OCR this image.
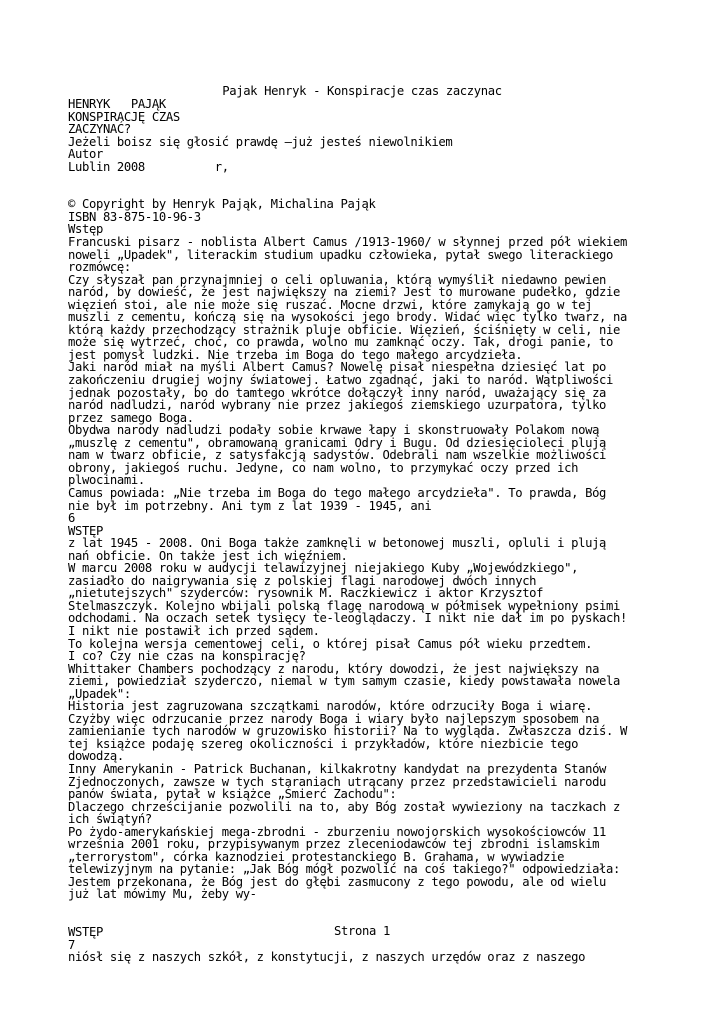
Pajak Henryk - Konspiracje czas zaczynac
HENRYK   PAJĄK
KONSPIRACJĘ CZAS
ZACZYNAĆ?
Jeżeli boisz się głosić prawdę –już jesteś niewolnikiem
Autor
Lublin 2008          r,
© Copyright by Henryk Pająk, Michalina Pająk
ISBN 83-875-10-96-3
Wstęp
Francuski pisarz - noblista Albert Camus /1913-1960/ w słynnej przed pół wiekiem
noweli „Upadek", literackim studium upadku człowieka, pytał swego literackiego
rozmówcę:
Czy słyszał pan przynajmniej o celi opluwania, którą wymyślił niedawno pewien
naród, by dowieść, że jest największy na ziemi? Jest to murowane pudełko, gdzie
więzień stoi, ale nie może się ruszać. Mocne drzwi, które zamykają go w tej
muszli z cementu, kończą się na wysokości jego brody. Widać więc tylko twarz, na
którą każdy przechodzący strażnik pluje obficie. Więzień, ściśnięty w celi, nie
może się wytrzeć, choć, co prawda, wolno mu zamknąć oczy. Tak, drogi panie, to
jest pomysł ludzki. Nie trzeba im Boga do tego małego arcydzieła.
Jaki naród miał na myśli Albert Camus? Nowelę pisał niespełna dziesięć lat po
zakończeniu drugiej wojny światowej. Łatwo zgadnąć, jaki to naród. Wątpliwości
jednak pozostały, bo do tamtego wkrótce dołączył inny naród, uważający się za
naród nadludzi, naród wybrany nie przez jakiegoś ziemskiego uzurpatora, tylko
przez samego Boga.
Obydwa narody nadludzi podały sobie krwawe łapy i skonstruowały Polakom nową
„muszlę z cementu", obramowaną granicami Odry i Bugu. Od dziesięcioleci plują
nam w twarz obficie, z satysfakcją sadystów. Odebrali nam wszelkie możliwości
obrony, jakiegoś ruchu. Jedyne, co nam wolno, to przymykać oczy przed ich
plwocinami.
Camus powiada: „Nie trzeba im Boga do tego małego arcydzieła". To prawda, Bóg
nie był im potrzebny. Ani tym z lat 1939 - 1945, ani
6
WSTĘP
z lat 1945 - 2008. Oni Boga także zamknęli w betonowej muszli, opluli i plują
nań obficie. On także jest ich więźniem.
W marcu 2008 roku w audycji telawizyjnej niejakiego Kuby „Wojewódzkiego",
zasiadło do naigrywania się z polskiej flagi narodowej dwóch innych
„nietutejszych" szyderców: rysownik M. Raczkiewicz i aktor Krzysztof
Stelmaszczyk. Kolejno wbijali polską flagę narodową w półmisek wypełniony psimi
odchodami. Na oczach setek tysięcy te-leoglądaczy. I nikt nie dał im po pyskach!
I nikt nie postawił ich przed sądem.
To kolejna wersja cementowej celi, o której pisał Camus pół wieku przedtem.
I co? Czy nie czas na konspirację?
Whittaker Chambers pochodzący z narodu, który dowodzi, że jest największy na
ziemi, powiedział szyderczo, niemal w tym samym czasie, kiedy powstawała nowela
„Upadek":
Historia jest zagruzowana szczątkami narodów, które odrzuciły Boga i wiarę.
Czyżby więc odrzucanie przez narody Boga i wiary było najlepszym sposobem na
zamienianie tych narodów w gruzowisko historii? Na to wygląda. Zwłaszcza dziś. W
tej książce podaję szereg okoliczności i przykładów, które niezbicie tego
dowodzą.
Inny Amerykanin - Patrick Buchanan, kilkakrotny kandydat na prezydenta Stanów
Zjednoczonych, zawsze w tych staraniach utrącany przez przedstawicieli narodu
panów świata, pytał w książce „Śmierć Zachodu":
Dlaczego chrześcijanie pozwolili na to, aby Bóg został wywieziony na taczkach z
ich świątyń?
Po żydo-amerykańskiej mega-zbrodni - zburzeniu nowojorskich wysokościowców 11
września 2001 roku, przypisywanym przez zleceniodawców tej zbrodni islamskim
„terrorystom", córka kaznodziei protestanckiego B. Grahama, w wywiadzie
telewizyjnym na pytanie: „Jak Bóg mógł pozwolić na coś takiego?" odpowiedziała:
Jestem przekonana, że Bóg jest do głębi zasmucony z tego powodu, ale od wielu
już lat mówimy Mu, żeby wy-
WSTĘP
7
niósł się z naszych szkół, z konstytucji, z naszych urzędów oraz z naszego
Strona 1
